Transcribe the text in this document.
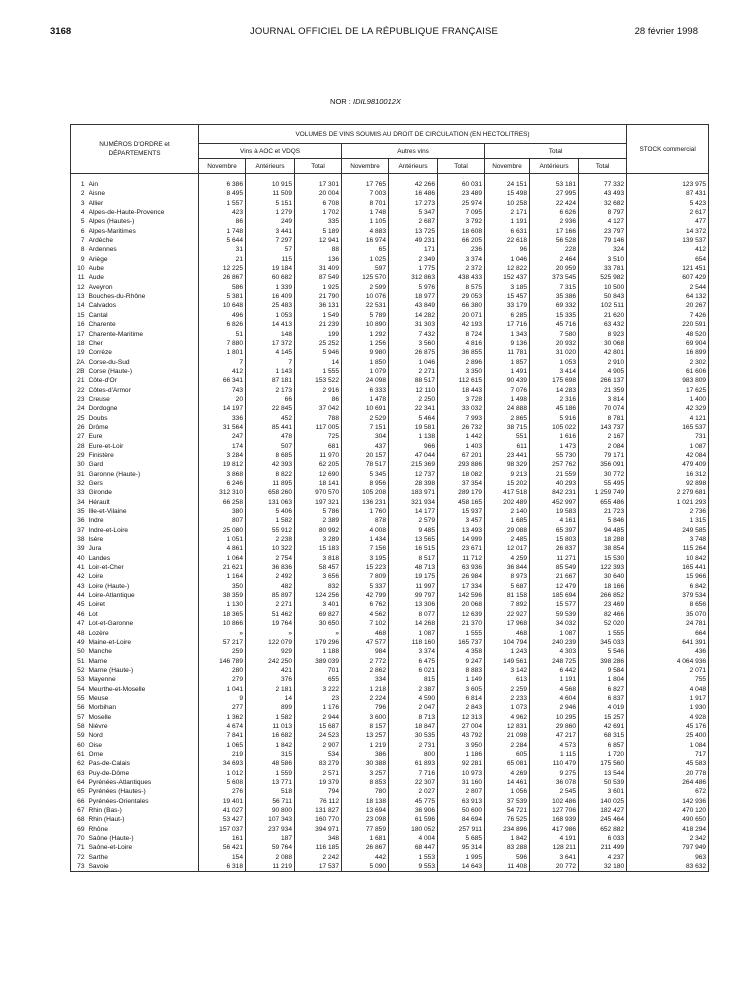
3168	JOURNAL OFFICIEL DE LA RÉPUBLIQUE FRANÇAISE	28 février 1998
NOR : IDIL9810012X
NUMÉROS D'ORDRE et DÉPARTEMENTS		VOLUMES DE VINS SOUMIS AU DROIT DE CIRCULATION (EN HECTOLITRES)									STOCK commercial
		Vins à AOC et VDQS			Autres vins			Total			
		Novembre	Antérieurs	Total	Novembre	Antérieurs	Total	Novembre	Antérieurs	Total	
1	Ain	6 386	10 915	17 301	17 765	42 266	60 031	24 151	53 181	77 332	123 975
2	Aisne	8 495	11 509	20 004	7 003	16 486	23 489	15 498	27 995	43 493	87 431
3	Allier	1 557	5 151	6 708	8 701	17 273	25 974	10 258	22 424	32 682	5 423
4	Alpes-de-Haute-Provence	423	1 279	1 702	1 748	5 347	7 095	2 171	6 626	8 797	2 617
5	Alpes (Hautes-)	86	249	335	1 105	2 687	3 792	1 191	2 936	4 127	477
6	Alpes-Maritimes	1 748	3 441	5 189	4 883	13 725	18 608	6 631	17 166	23 797	14 372
7	Ardèche	5 644	7 297	12 941	16 974	49 231	66 205	22 618	56 528	79 146	139 537
8	Ardennes	31	57	88	65	171	236	96	228	324	412
9	Ariège	21	115	136	1 025	2 349	3 374	1 046	2 464	3 510	654
10	Aube	12 225	19 184	31 409	597	1 775	2 372	12 822	20 959	33 781	121 451
11	Aude	26 867	60 682	87 549	125 570	312 863	438 433	152 437	373 545	525 982	607 429
12	Aveyron	586	1 339	1 925	2 599	5 976	8 575	3 185	7 315	10 500	2 544
13	Bouches-du-Rhône	5 381	16 409	21 790	10 076	18 977	29 053	15 457	35 386	50 843	64 132
14	Calvados	10 648	25 483	36 131	22 531	43 849	66 380	33 179	69 332	102 511	20 267
15	Cantal	496	1 053	1 549	5 789	14 282	20 071	6 285	15 335	21 620	7 426
16	Charente	6 826	14 413	21 239	10 890	31 303	42 193	17 716	45 716	63 432	220 591
17	Charente-Maritime	51	148	199	1 292	7 432	8 724	1 343	7 580	8 923	48 520
18	Cher	7 880	17 372	25 252	1 256	3 560	4 816	9 136	20 932	30 068	69 904
19	Corrèze	1 801	4 145	5 946	9 980	26 875	36 855	11 781	31 020	42 801	16 899
2A	Corse-du-Sud	7	7	14	1 850	1 046	2 896	1 857	1 053	2 910	2 302
2B	Corse (Haute-)	412	1 143	1 555	1 079	2 271	3 350	1 491	3 414	4 905	61 606
21	Côte-d'Or	66 341	87 181	153 522	24 098	88 517	112 615	90 439	175 698	266 137	983 809
22	Côtes-d'Armor	743	2 173	2 916	6 333	12 110	18 443	7 076	14 283	21 359	17 625
23	Creuse	20	66	86	1 478	2 250	3 728	1 498	2 316	3 814	1 400
24	Dordogne	14 197	22 845	37 042	10 691	22 341	33 032	24 888	45 186	70 074	42 329
25	Doubs	336	452	788	2 529	5 464	7 993	2 865	5 916	8 781	4 121
26	Drôme	31 564	85 441	117 005	7 151	19 581	26 732	38 715	105 022	143 737	165 537
27	Eure	247	478	725	304	1 138	1 442	551	1 616	2 167	731
28	Eure-et-Loir	174	507	681	437	966	1 403	611	1 473	2 084	1 087
29	Finistère	3 284	8 685	11 970	20 157	47 044	67 201	23 441	55 730	79 171	42 084
30	Gard	19 812	42 393	62 205	78 517	215 369	293 886	98 329	257 762	356 091	479 409
31	Garonne (Haute-)	3 868	8 822	12 690	5 345	12 737	18 082	9 213	21 559	30 772	16 312
32	Gers	6 246	11 895	18 141	8 956	28 398	37 354	15 202	40 293	55 495	92 898
33	Gironde	312 310	658 260	970 570	105 208	183 971	289 179	417 518	842 231	1 259 749	2 279 681
34	Hérault	66 258	131 063	197 321	136 231	321 934	458 165	202 489	452 997	655 486	1 021 293
35	Ille-et-Vilaine	380	5 406	5 786	1 760	14 177	15 937	2 140	19 583	21 723	2 736
36	Indre	807	1 582	2 389	878	2 579	3 457	1 685	4 161	5 846	1 315
37	Indre-et-Loire	25 080	55 912	80 992	4 008	9 485	13 493	29 088	65 397	94 485	249 585
38	Isère	1 051	2 238	3 289	1 434	13 565	14 999	2 485	15 803	18 288	3 748
39	Jura	4 861	10 322	15 183	7 156	16 515	23 671	12 017	26 837	38 854	115 264
40	Landes	1 064	2 754	3 818	3 195	8 517	11 712	4 259	11 271	15 530	10 842
41	Loir-et-Cher	21 621	36 836	58 457	15 223	48 713	63 936	36 844	85 549	122 393	165 441
42	Loire	1 164	2 492	3 656	7 809	19 175	26 984	8 973	21 667	30 640	15 966
43	Loire (Haute-)	350	482	832	5 337	11 997	17 334	5 687	12 479	18 166	6 842
44	Loire-Atlantique	38 359	85 897	124 256	42 799	99 797	142 596	81 158	185 694	266 852	379 534
45	Loiret	1 130	2 271	3 401	6 762	13 306	20 068	7 892	15 577	23 469	8 656
46	Lot	18 365	51 462	69 827	4 562	8 077	12 639	22 927	59 539	82 466	35 070
47	Lot-et-Garonne	10 866	19 764	30 650	7 102	14 268	21 370	17 968	34 032	52 020	24 781
48	Lozère	»	»	»	468	1 087	1 555	468	1 087	1 555	664
49	Maine-et-Loire	57 217	122 079	179 296	47 577	118 160	165 737	104 794	240 239	345 033	641 391
50	Manche	259	929	1 188	984	3 374	4 358	1 243	4 303	5 546	436
51	Marne	146 789	242 250	389 039	2 772	6 475	9 247	149 561	248 725	398 286	4 064 936
52	Marne (Haute-)	280	421	701	2 862	6 021	8 883	3 142	6 442	9 584	2 071
53	Mayenne	279	376	655	334	815	1 149	613	1 191	1 804	755
54	Meurthe-et-Moselle	1 041	2 181	3 222	1 218	2 387	3 605	2 259	4 568	6 827	4 048
55	Meuse	9	14	23	2 224	4 590	6 814	2 233	4 604	6 837	1 917
56	Morbihan	277	899	1 176	796	2 047	2 843	1 073	2 946	4 019	1 930
57	Moselle	1 362	1 582	2 944	3 600	8 713	12 313	4 962	10 295	15 257	4 928
58	Nièvre	4 674	11 013	15 687	8 157	18 847	27 004	12 831	29 860	42 691	45 176
59	Nord	7 841	16 682	24 523	13 257	30 535	43 792	21 098	47 217	68 315	25 400
60	Oise	1 065	1 842	2 907	1 219	2 731	3 950	2 284	4 573	6 857	1 084
61	Orne	219	315	534	386	800	1 186	605	1 115	1 720	717
62	Pas-de-Calais	34 693	48 586	83 279	30 388	61 893	92 281	65 081	110 479	175 560	45 583
63	Puy-de-Dôme	1 012	1 559	2 571	3 257	7 716	10 973	4 269	9 275	13 544	20 778
64	Pyrénées-Atlantiques	5 608	13 771	19 379	8 853	22 307	31 160	14 461	36 078	50 539	264 486
65	Pyrénées (Hautes-)	276	518	794	780	2 027	2 807	1 056	2 545	3 601	672
66	Pyrénées-Orientales	19 401	56 711	76 112	18 138	45 775	63 913	37 539	102 486	140 025	142 936
67	Rhin (Bas-)	41 027	90 800	131 827	13 694	36 906	50 600	54 721	127 706	182 427	470 120
68	Rhin (Haut-)	53 427	107 343	160 770	23 098	61 596	84 694	76 525	168 939	245 464	490 650
69	Rhône	157 037	237 934	394 971	77 859	180 052	257 911	234 896	417 986	652 882	418 294
70	Saône (Haute-)	161	187	348	1 681	4 004	5 685	1 842	4 191	6 033	2 342
71	Saône-et-Loire	56 421	59 764	116 185	26 867	68 447	95 314	83 288	128 211	211 499	797 949
72	Sarthe	154	2 088	2 242	442	1 553	1 995	596	3 641	4 237	963
73	Savoie	6 318	11 219	17 537	5 090	9 553	14 643	11 408	20 772	32 180	83 632
